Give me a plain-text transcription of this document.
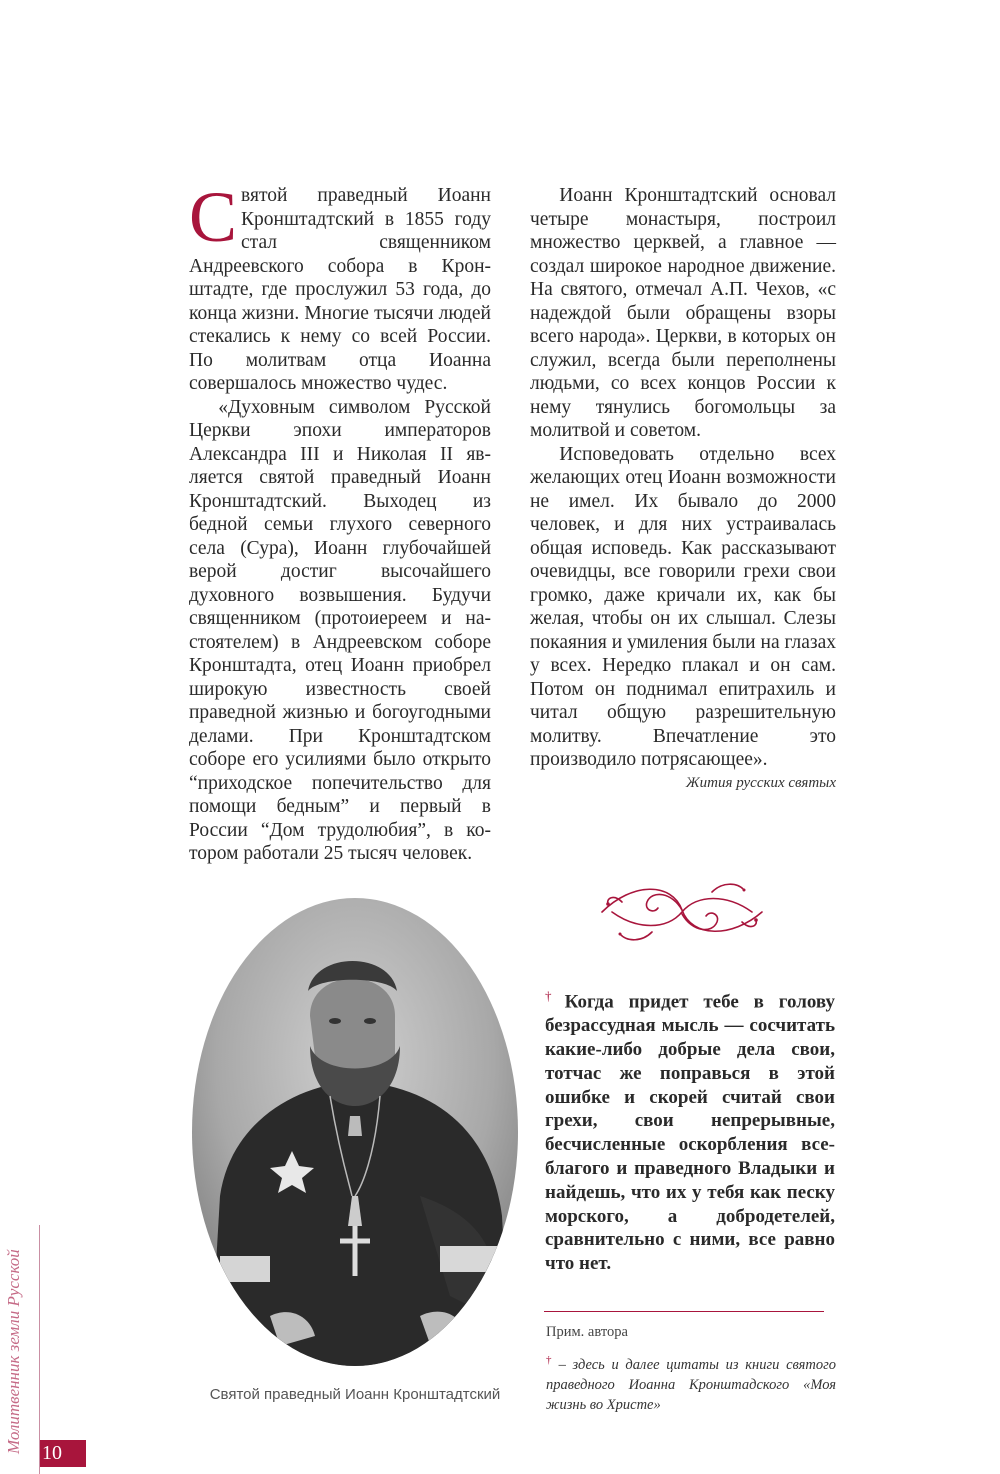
Святой праведный Иоанн Кронштадтский в 1855 году стал священником Андреевского собора в Кронштадте, где прослужил 53 года, до конца жизни. Многие тысячи людей стекались к нему со всей России. По молитвам отца Иоанна совершалось множество чудес.

«Духовным символом Русской Церкви эпохи императоров Александра III и Николая II является святой праведный Иоанн Кронштадтский. Выходец из бедной семьи глухого северного села (Сура), Иоанн глубочайшей верой достиг высочайшего духовного возвышения. Будучи священником (протоиереем и настоятелем) в Андреевском соборе Кронштадта, отец Иоанн приобрел широкую известность своей праведной жизнью и богоугодными делами. При Кронштадтском соборе его усилиями было открыто “приходское попечительство для помощи бедным” и первый в России “Дом трудолюбия”, в котором работали 25 тысяч человек.

Иоанн Кронштадтский основал четыре монастыря, построил множество церквей, а главное — создал широкое народное движение. На святого, отмечал А.П. Чехов, «с надеждой были обращены взоры всего народа». Церкви, в которых он служил, всегда были переполнены людьми, со всех концов России к нему тянулись богомольцы за молитвой и советом.

Исповедовать отдельно всех желающих отец Иоанн возможности не имел. Их бывало до 2000 человек, и для них устраивалась общая исповедь. Как рассказывают очевидцы, все говорили грехи свои громко, даже кричали их, как бы желая, чтобы он их слышал. Слезы покаяния и умиления были на глазах у всех. Нередко плакал и он сам. Потом он поднимал епитрахиль и читал общую разрешительную молитву. Впечатление это производило потрясающее».

Жития русских святых

Святой праведный Иоанн Кронштадтский
† Когда придет тебе в голову безрассудная мысль — сосчитать какие-либо добрые дела свои, тотчас же поправься в этой ошибке и скорей считай свои грехи, свои непрерывные, бесчисленные оскорбления всеблагого и праведного Владыки и найдешь, что их у тебя как песку морского, а добродетелей, сравнительно с ними, все равно что нет.
Прим. автора
† – здесь и далее цитаты из книги святого праведного Иоанна Кронштадского «Моя жизнь во Христе»
Молитвенник земли Русской 10
